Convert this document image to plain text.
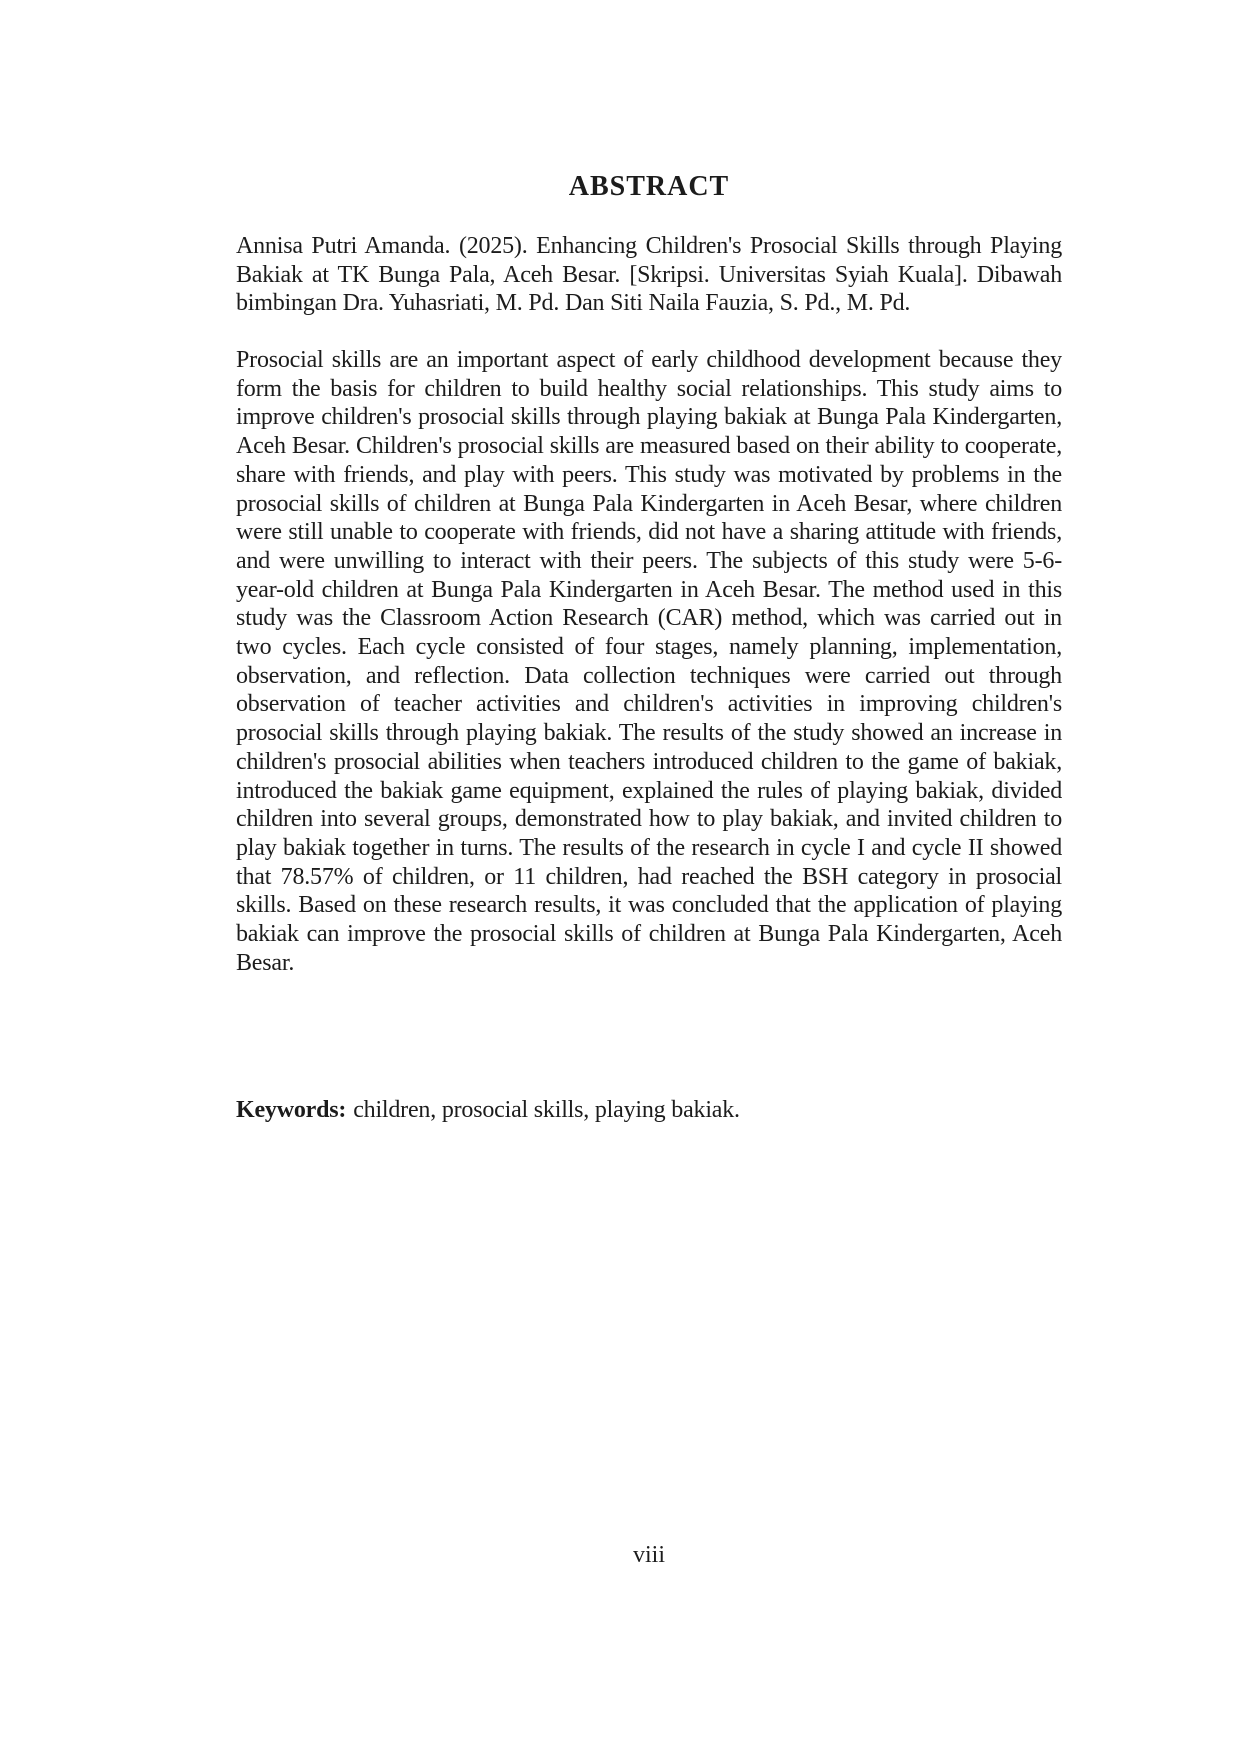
ABSTRACT

Annisa Putri Amanda. (2025). Enhancing Children's Prosocial Skills through Playing Bakiak at TK Bunga Pala, Aceh Besar. [Skripsi. Universitas Syiah Kuala]. Dibawah bimbingan Dra. Yuhasriati, M. Pd. Dan Siti Naila Fauzia, S. Pd., M. Pd.

Prosocial skills are an important aspect of early childhood development because they form the basis for children to build healthy social relationships. This study aims to improve children's prosocial skills through playing bakiak at Bunga Pala Kindergarten, Aceh Besar. Children's prosocial skills are measured based on their ability to cooperate, share with friends, and play with peers. This study was motivated by problems in the prosocial skills of children at Bunga Pala Kindergarten in Aceh Besar, where children were still unable to cooperate with friends, did not have a sharing attitude with friends, and were unwilling to interact with their peers. The subjects of this study were 5-6-year-old children at Bunga Pala Kindergarten in Aceh Besar. The method used in this study was the Classroom Action Research (CAR) method, which was carried out in two cycles. Each cycle consisted of four stages, namely planning, implementation, observation, and reflection. Data collection techniques were carried out through observation of teacher activities and children's activities in improving children's prosocial skills through playing bakiak. The results of the study showed an increase in children's prosocial abilities when teachers introduced children to the game of bakiak, introduced the bakiak game equipment, explained the rules of playing bakiak, divided children into several groups, demonstrated how to play bakiak, and invited children to play bakiak together in turns. The results of the research in cycle I and cycle II showed that 78.57% of children, or 11 children, had reached the BSH category in prosocial skills. Based on these research results, it was concluded that the application of playing bakiak can improve the prosocial skills of children at Bunga Pala Kindergarten, Aceh Besar.

Keywords: children, prosocial skills, playing bakiak.

viii
